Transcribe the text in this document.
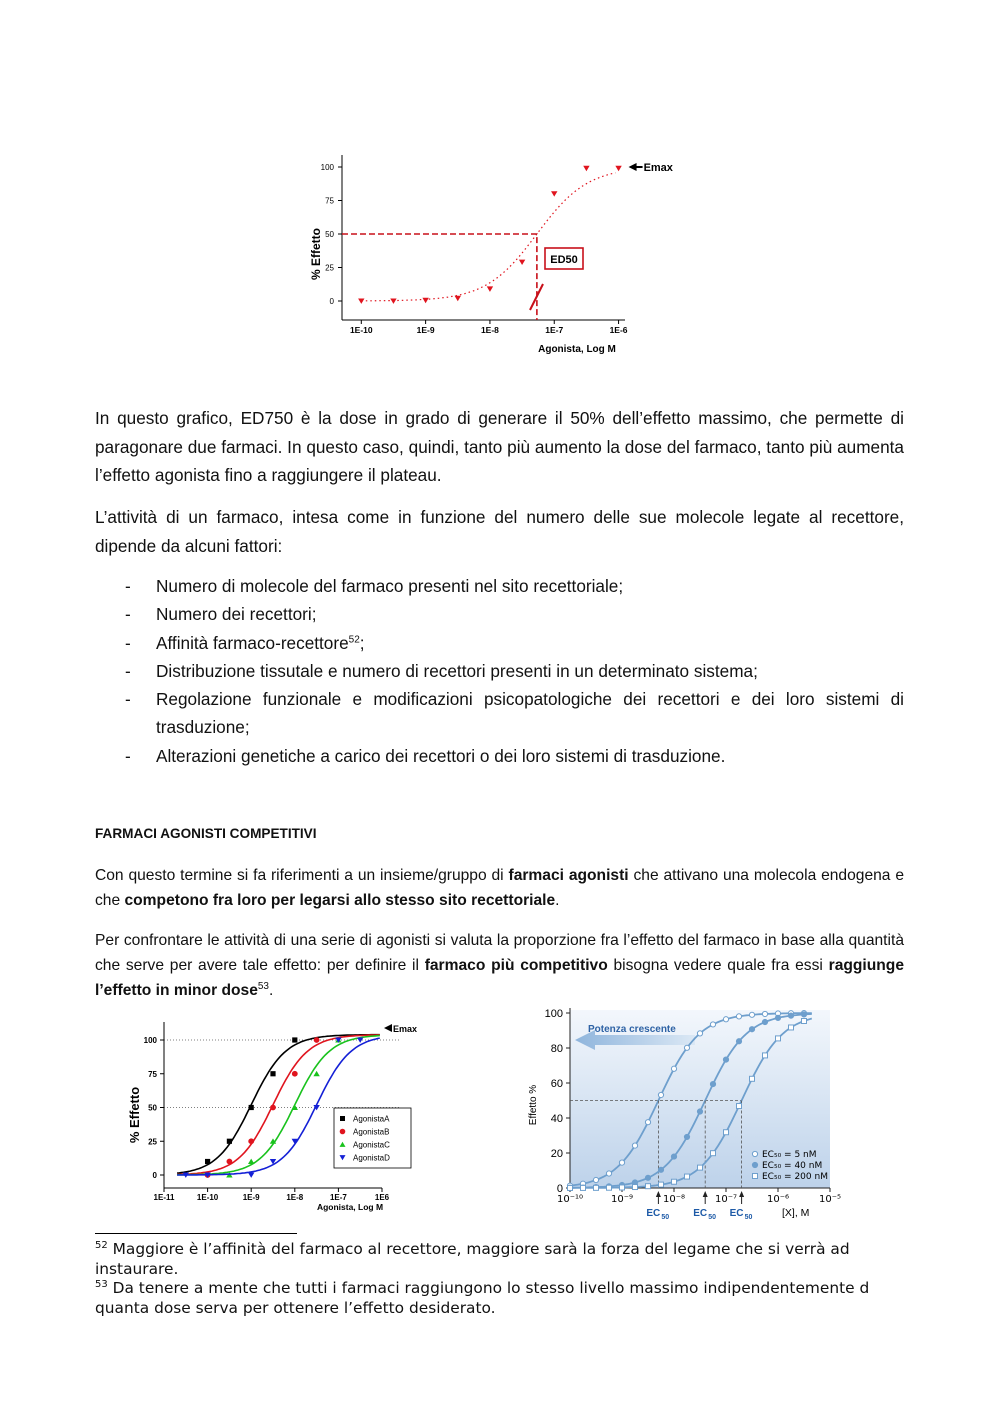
0
25
50
75
100
1E-10	1E-9	1E-8	1E-7	1E-6
% Effetto
Agonista, Log M
Emax
ED50

In questo grafico, ED750 è la dose in grado di generare il 50% dell’effetto massimo, che permette di paragonare due farmaci. In questo caso, quindi, tanto più aumento la dose del farmaco, tanto più aumenta l’effetto agonista fino a raggiungere il plateau.

L’attività di un farmaco, intesa come in funzione del numero delle sue molecole legate al recettore, dipende da alcuni fattori:

- Numero di molecole del farmaco presenti nel sito recettoriale;
- Numero dei recettori;
- Affinità farmaco-recettore$^{52}$;
- Distribuzione tissutale e numero di recettori presenti in un determinato sistema;
- Regolazione funzionale e modificazioni psicopatologiche dei recettori e dei loro sistemi di trasduzione;
- Alterazioni genetiche a carico dei recettori o dei loro sistemi di trasduzione.

FARMACI AGONISTI COMPETITIVI

Con questo termine si fa riferimenti a un insieme/gruppo di farmaci agonisti che attivano una molecola endogena e che competono fra loro per legarsi allo stesso sito recettoriale.

Per confrontare le attività di una serie di agonisti si valuta la proporzione fra l’effetto del farmaco in base alla quantità che serve per avere tale effetto: per definire il farmaco più competitivo bisogna vedere quale fra essi raggiunge l’effetto in minor dose$^{53}$.

0
25
50
75
100
1E-11	1E-10	1E-9	1E-8	1E-7	1E6
% Effetto
Agonista, Log M
Emax
AgonistaA
AgonistaB
AgonistaC
AgonistaD
0
20
40
60
80
100
10⁻¹⁰	10⁻⁹	10⁻⁸	10⁻⁷	10⁻⁶	10⁻⁵
Effetto %
[X], M
Potenza crescente
EC 50 EC 50 EC 50
EC₅₀ = 5 nM
EC₅₀ = 40 nM
EC₅₀ = 200 nM

$^{52}$ Maggiore è l’affinità del farmaco al recettore, maggiore sarà la forza del legame che si verrà ad instaurare.

$^{53}$ Da tenere a mente che tutti i farmaci raggiungono lo stesso livello massimo indipendentemente d quanta dose serva per ottenere l’effetto desiderato.
